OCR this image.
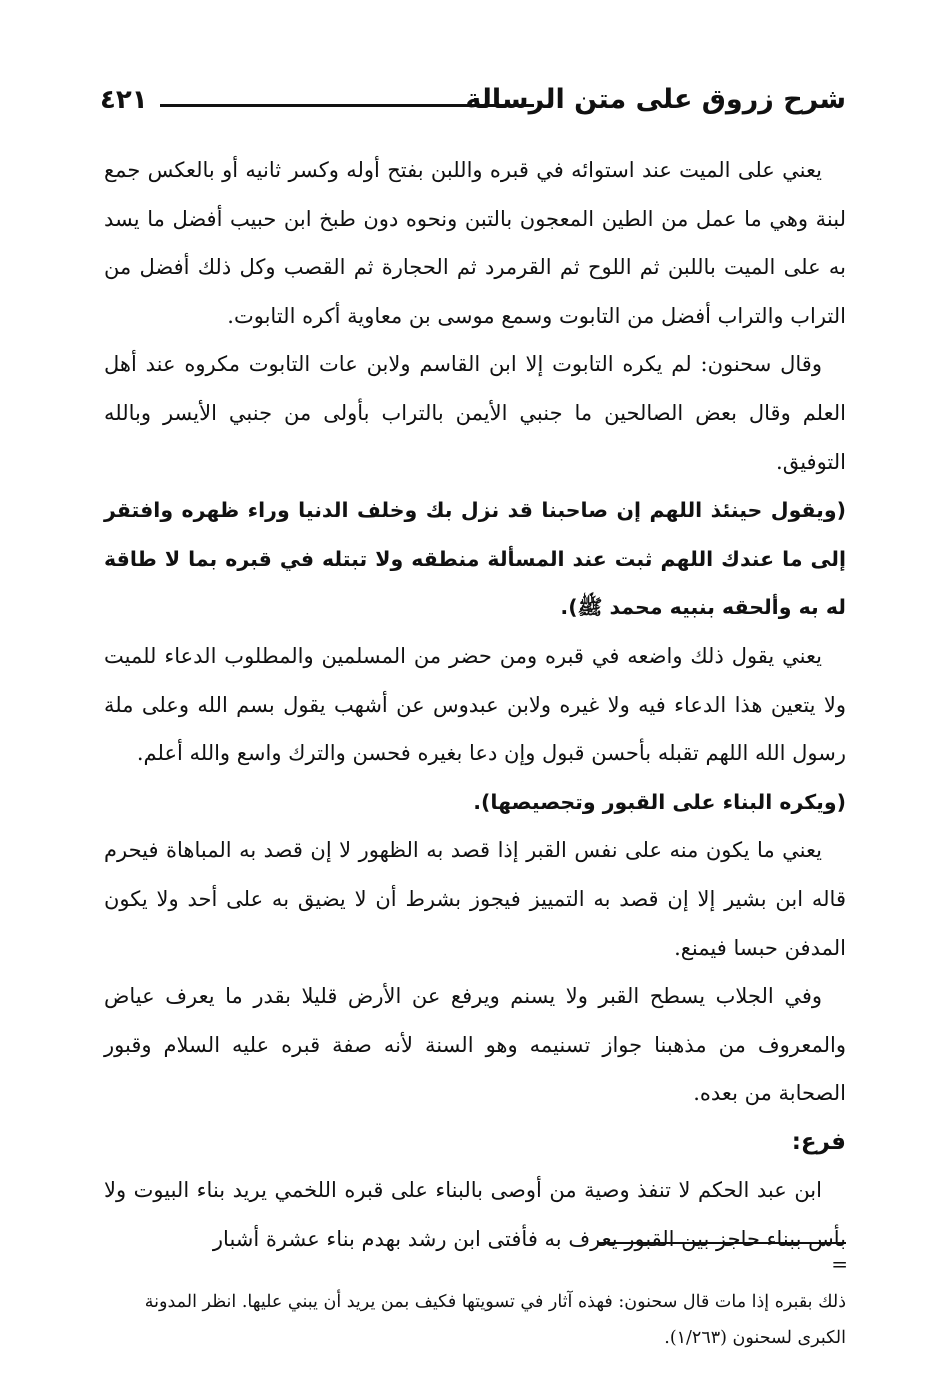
شرح زروق على متن الرسالة
٤٢١

يعني على الميت عند استوائه في قبره واللبن بفتح أوله وكسر ثانيه أو بالعكس جمع لبنة وهي ما عمل من الطين المعجون بالتبن ونحوه دون طبخ ابن حبيب أفضل ما يسد به على الميت باللبن ثم اللوح ثم القرمرد ثم الحجارة ثم القصب وكل ذلك أفضل من التراب والتراب أفضل من التابوت وسمع موسى بن معاوية أكره التابوت.

وقال سحنون: لم يكره التابوت إلا ابن القاسم ولابن عات التابوت مكروه عند أهل العلم وقال بعض الصالحين ما جنبي الأيمن بالتراب بأولى من جنبي الأيسر وبالله التوفيق.

(ويقول حينئذ اللهم إن صاحبنا قد نزل بك وخلف الدنيا وراء ظهره وافتقر إلى ما عندك اللهم ثبت عند المسألة منطقه ولا تبتله في قبره بما لا طاقة له به وألحقه بنبيه محمد ﷺ).

يعني يقول ذلك واضعه في قبره ومن حضر من المسلمين والمطلوب الدعاء للميت ولا يتعين هذا الدعاء فيه ولا غيره ولابن عبدوس عن أشهب يقول بسم الله وعلى ملة رسول الله اللهم تقبله بأحسن قبول وإن دعا بغيره فحسن والترك واسع والله أعلم.

(ويكره البناء على القبور وتجصيصها).

يعني ما يكون منه على نفس القبر إذا قصد به الظهور لا إن قصد به المباهاة فيحرم قاله ابن بشير إلا إن قصد به التمييز فيجوز بشرط أن لا يضيق به على أحد ولا يكون المدفن حبسا فيمنع.

وفي الجلاب يسطح القبر ولا يسنم ويرفع عن الأرض قليلا بقدر ما يعرف عياض والمعروف من مذهبنا جواز تسنيمه وهو السنة لأنه صفة قبره عليه السلام وقبور الصحابة من بعده.

فرع:

ابن عبد الحكم لا تنفذ وصية من أوصى بالبناء على قبره اللخمي يريد بناء البيوت ولا بأس ببناء حاجز بين القبور يعرف به فأفتى ابن رشد بهدم بناء عشرة أشبار

=

ذلك بقبره إذا مات قال سحنون: فهذه آثار في تسويتها فكيف بمن يريد أن يبني عليها. انظر المدونة الكبرى لسحنون (١/٢٦٣).
